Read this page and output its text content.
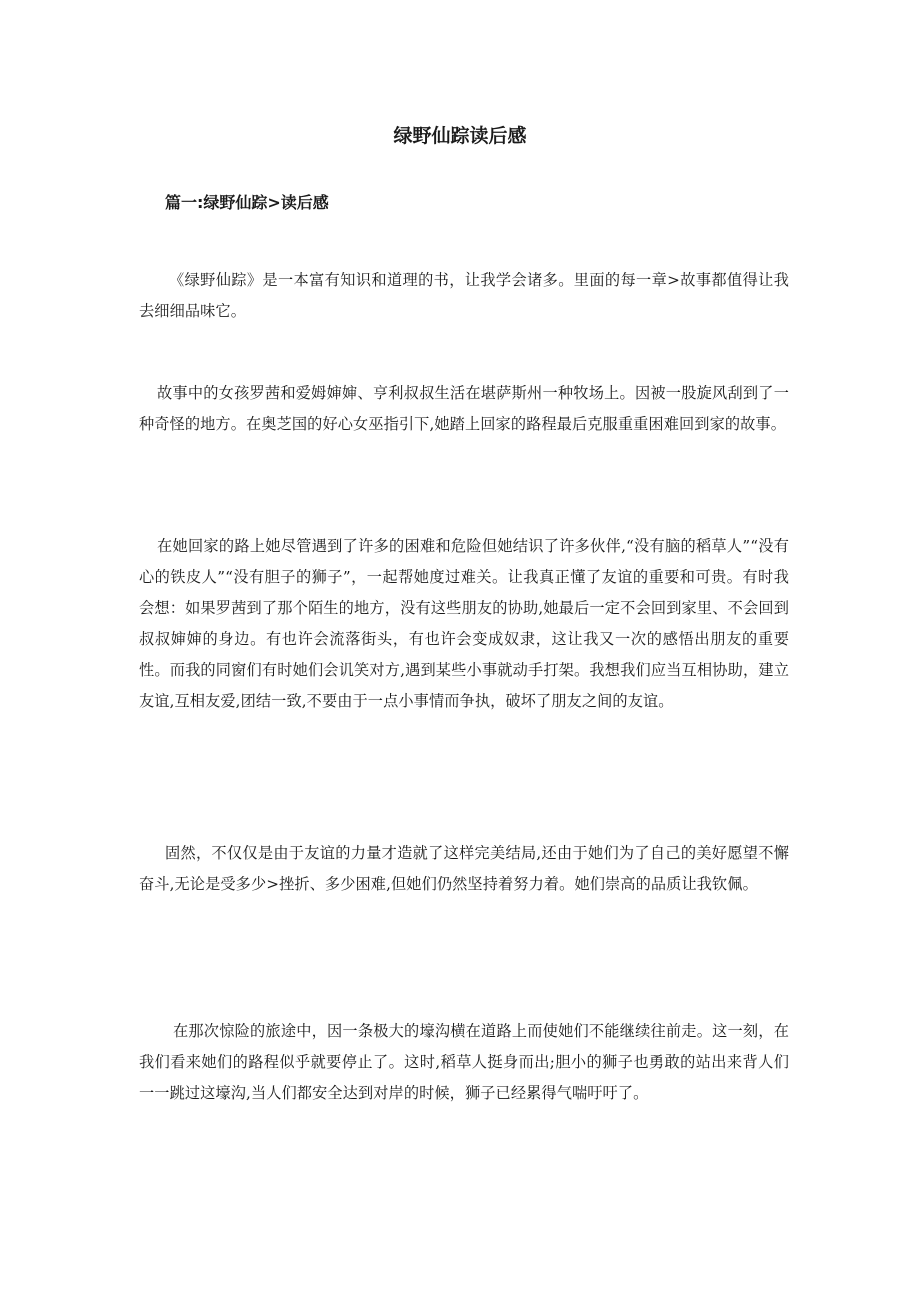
绿野仙踪读后感
篇一:绿野仙踪>读后感

《绿野仙踪》是一本富有知识和道理的书，让我学会诸多。里面的每一章>故事都值得让我去细细品味它。

故事中的女孩罗茜和爱姆婶婶、亨利叔叔生活在堪萨斯州一种牧场上。因被一股旋风刮到了一种奇怪的地方。在奥芝国的好心女巫指引下,她踏上回家的路程最后克服重重困难回到家的故事。

在她回家的路上她尽管遇到了许多的困难和危险但她结识了许多伙伴,“没有脑的稻草人”“没有心的铁皮人”“没有胆子的狮子”，一起帮她度过难关。让我真正懂了友谊的重要和可贵。有时我会想：如果罗茜到了那个陌生的地方，没有这些朋友的协助,她最后一定不会回到家里、不会回到叔叔婶婶的身边。有也许会流落街头，有也许会变成奴隶，这让我又一次的感悟出朋友的重要性。而我的同窗们有时她们会讥笑对方,遇到某些小事就动手打架。我想我们应当互相协助，建立友谊,互相友爱,团结一致,不要由于一点小事情而争执，破坏了朋友之间的友谊。

固然，不仅仅是由于友谊的力量才造就了这样完美结局,还由于她们为了自己的美好愿望不懈奋斗,无论是受多少>挫折、多少困难,但她们仍然坚持着努力着。她们崇高的品质让我钦佩。

在那次惊险的旅途中，因一条极大的壕沟横在道路上而使她们不能继续往前走。这一刻，在我们看来她们的路程似乎就要停止了。这时,稻草人挺身而出;胆小的狮子也勇敢的站出来背人们一一跳过这壕沟,当人们都安全达到对岸的时候，狮子已经累得气喘吁吁了。
